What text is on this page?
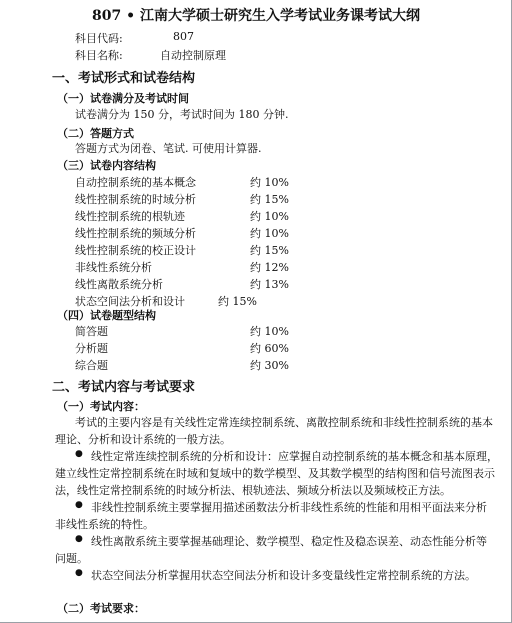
807 • 江南大学硕士研究生入学考试业务课考试大纲
科目代码:	807
科目名称:	自动控制原理
一、考试形式和试卷结构
（一）试卷满分及考试时间
试卷满分为 150 分，考试时间为 180 分钟.
（二）答题方式
答题方式为闭卷、笔试. 可使用计算器.
（三）试卷内容结构
自动控制系统的基本概念	约 10%
线性控制系统的时域分析	约 15%
线性控制系统的根轨迹	约 10%
线性控制系统的频域分析	约 10%
线性控制系统的校正设计	约 15%
非线性系统分析	约 12%
线性离散系统分析	约 13%
状态空间法分析和设计	约 15%
（四）试卷题型结构
简答题	约 10%
分析题	约 60%
综合题	约 30%
二、考试内容与考试要求
（一）考试内容：
考试的主要内容是有关线性定常连续控制系统、离散控制系统和非线性控制系统的基本
理论、分析和设计系统的一般方法。
● 线性定常连续控制系统的分析和设计：应掌握自动控制系统的基本概念和基本原理，
建立线性定常控制系统在时域和复域中的数学模型、及其数学模型的结构图和信号流图表示
法，线性定常控制系统的时域分析法、根轨迹法、频域分析法以及频域校正方法。
● 非线性控制系统主要掌握用描述函数法分析非线性系统的性能和用相平面法来分析
非线性系统的特性。
● 线性离散系统主要掌握基础理论、数学模型、稳定性及稳态误差、动态性能分析等
问题。
● 状态空间法分析掌握用状态空间法分析和设计多变量线性定常控制系统的方法。
（二）考试要求：
